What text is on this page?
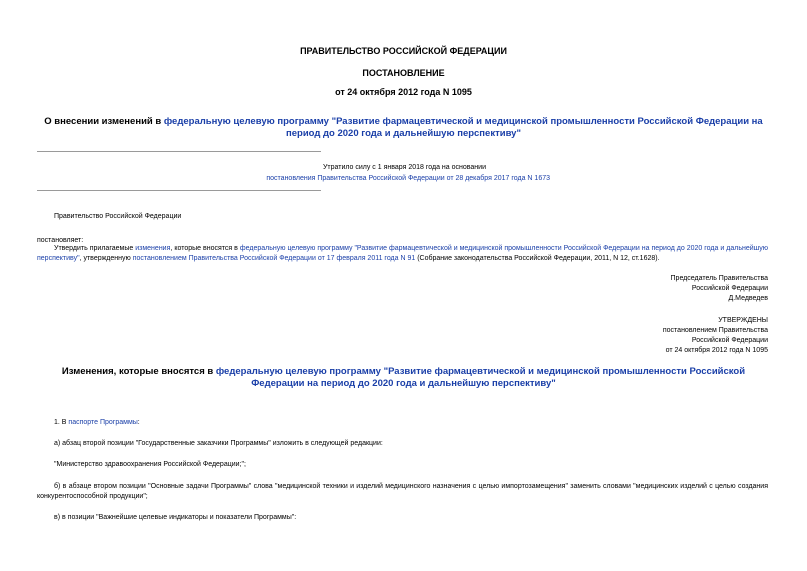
ПРАВИТЕЛЬСТВО РОССИЙСКОЙ ФЕДЕРАЦИИ
ПОСТАНОВЛЕНИЕ
от 24 октября 2012 года N 1095
О внесении изменений в федеральную целевую программу "Развитие фармацевтической и медицинской промышленности Российской Федерации на период до 2020 года и дальнейшую перспективу"
Утратило силу с 1 января 2018 года на основании
постановления Правительства Российской Федерации от 28 декабря 2017 года N 1673
Правительство Российской Федерации
постановляет:
Утвердить прилагаемые изменения, которые вносятся в федеральную целевую программу "Развитие фармацевтической и медицинской промышленности Российской Федерации на период до 2020 года и дальнейшую перспективу", утвержденную постановлением Правительства Российской Федерации от 17 февраля 2011 года N 91 (Собрание законодательства Российской Федерации, 2011, N 12, ст.1628).
Председатель Правительства
Российской Федерации
Д.Медведев
УТВЕРЖДЕНЫ
постановлением Правительства
Российской Федерации
от 24 октября 2012 года N 1095
Изменения, которые вносятся в федеральную целевую программу "Развитие фармацевтической и медицинской промышленности Российской Федерации на период до 2020 года и дальнейшую перспективу"
1. В паспорте Программы:
а) абзац второй позиции "Государственные заказчики Программы" изложить в следующей редакции:
"Министерство здравоохранения Российской Федерации;";
б) в абзаце втором позиции "Основные задачи Программы" слова "медицинской техники и изделий медицинского назначения с целью импортозамещения" заменить словами "медицинских изделий с целью создания конкурентоспособной продукции";
в) в позиции "Важнейшие целевые индикаторы и показатели Программы":
